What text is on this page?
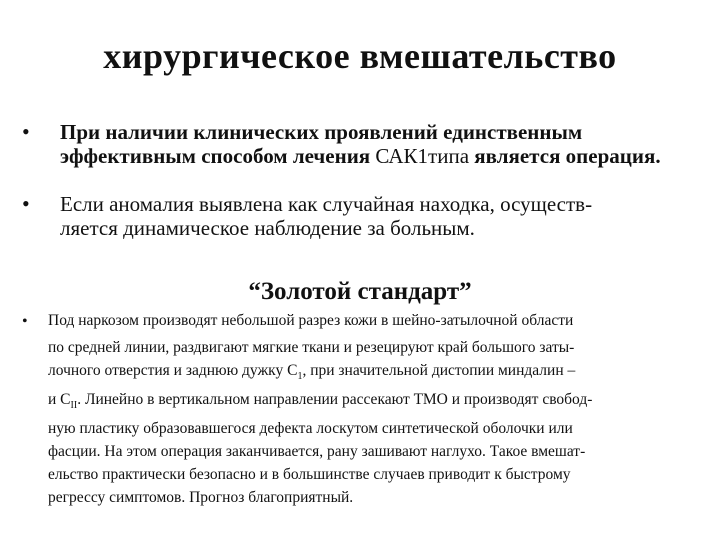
хирургическое вмешательство
• При наличии клинических проявлений единственным эффективным способом лечения САК1типа является операция.
• Если аномалия выявлена как случайная находка, осуществ-
ляется динамическое наблюдение за больным.
“Золотой стандарт”
• Под наркозом производят небольшой разрез кожи в шейно-затылочной области
по средней линии, раздвигают мягкие ткани и резецируют край большого заты-
лочного отверстия и заднюю дужку $С_1$, при значительной дистопии миндалин –
и $С_{II}$. Линейно в вертикальном направлении рассекают ТМО и производят свобод-
ную пластику образовавшегося дефекта лоскутом синтетической оболочки или
фасции. На этом операция заканчивается, рану зашивают наглухо. Такое вмешат-
ельство практически безопасно и в большинстве случаев приводит к быстрому
регрессу симптомов. Прогноз благоприятный.
